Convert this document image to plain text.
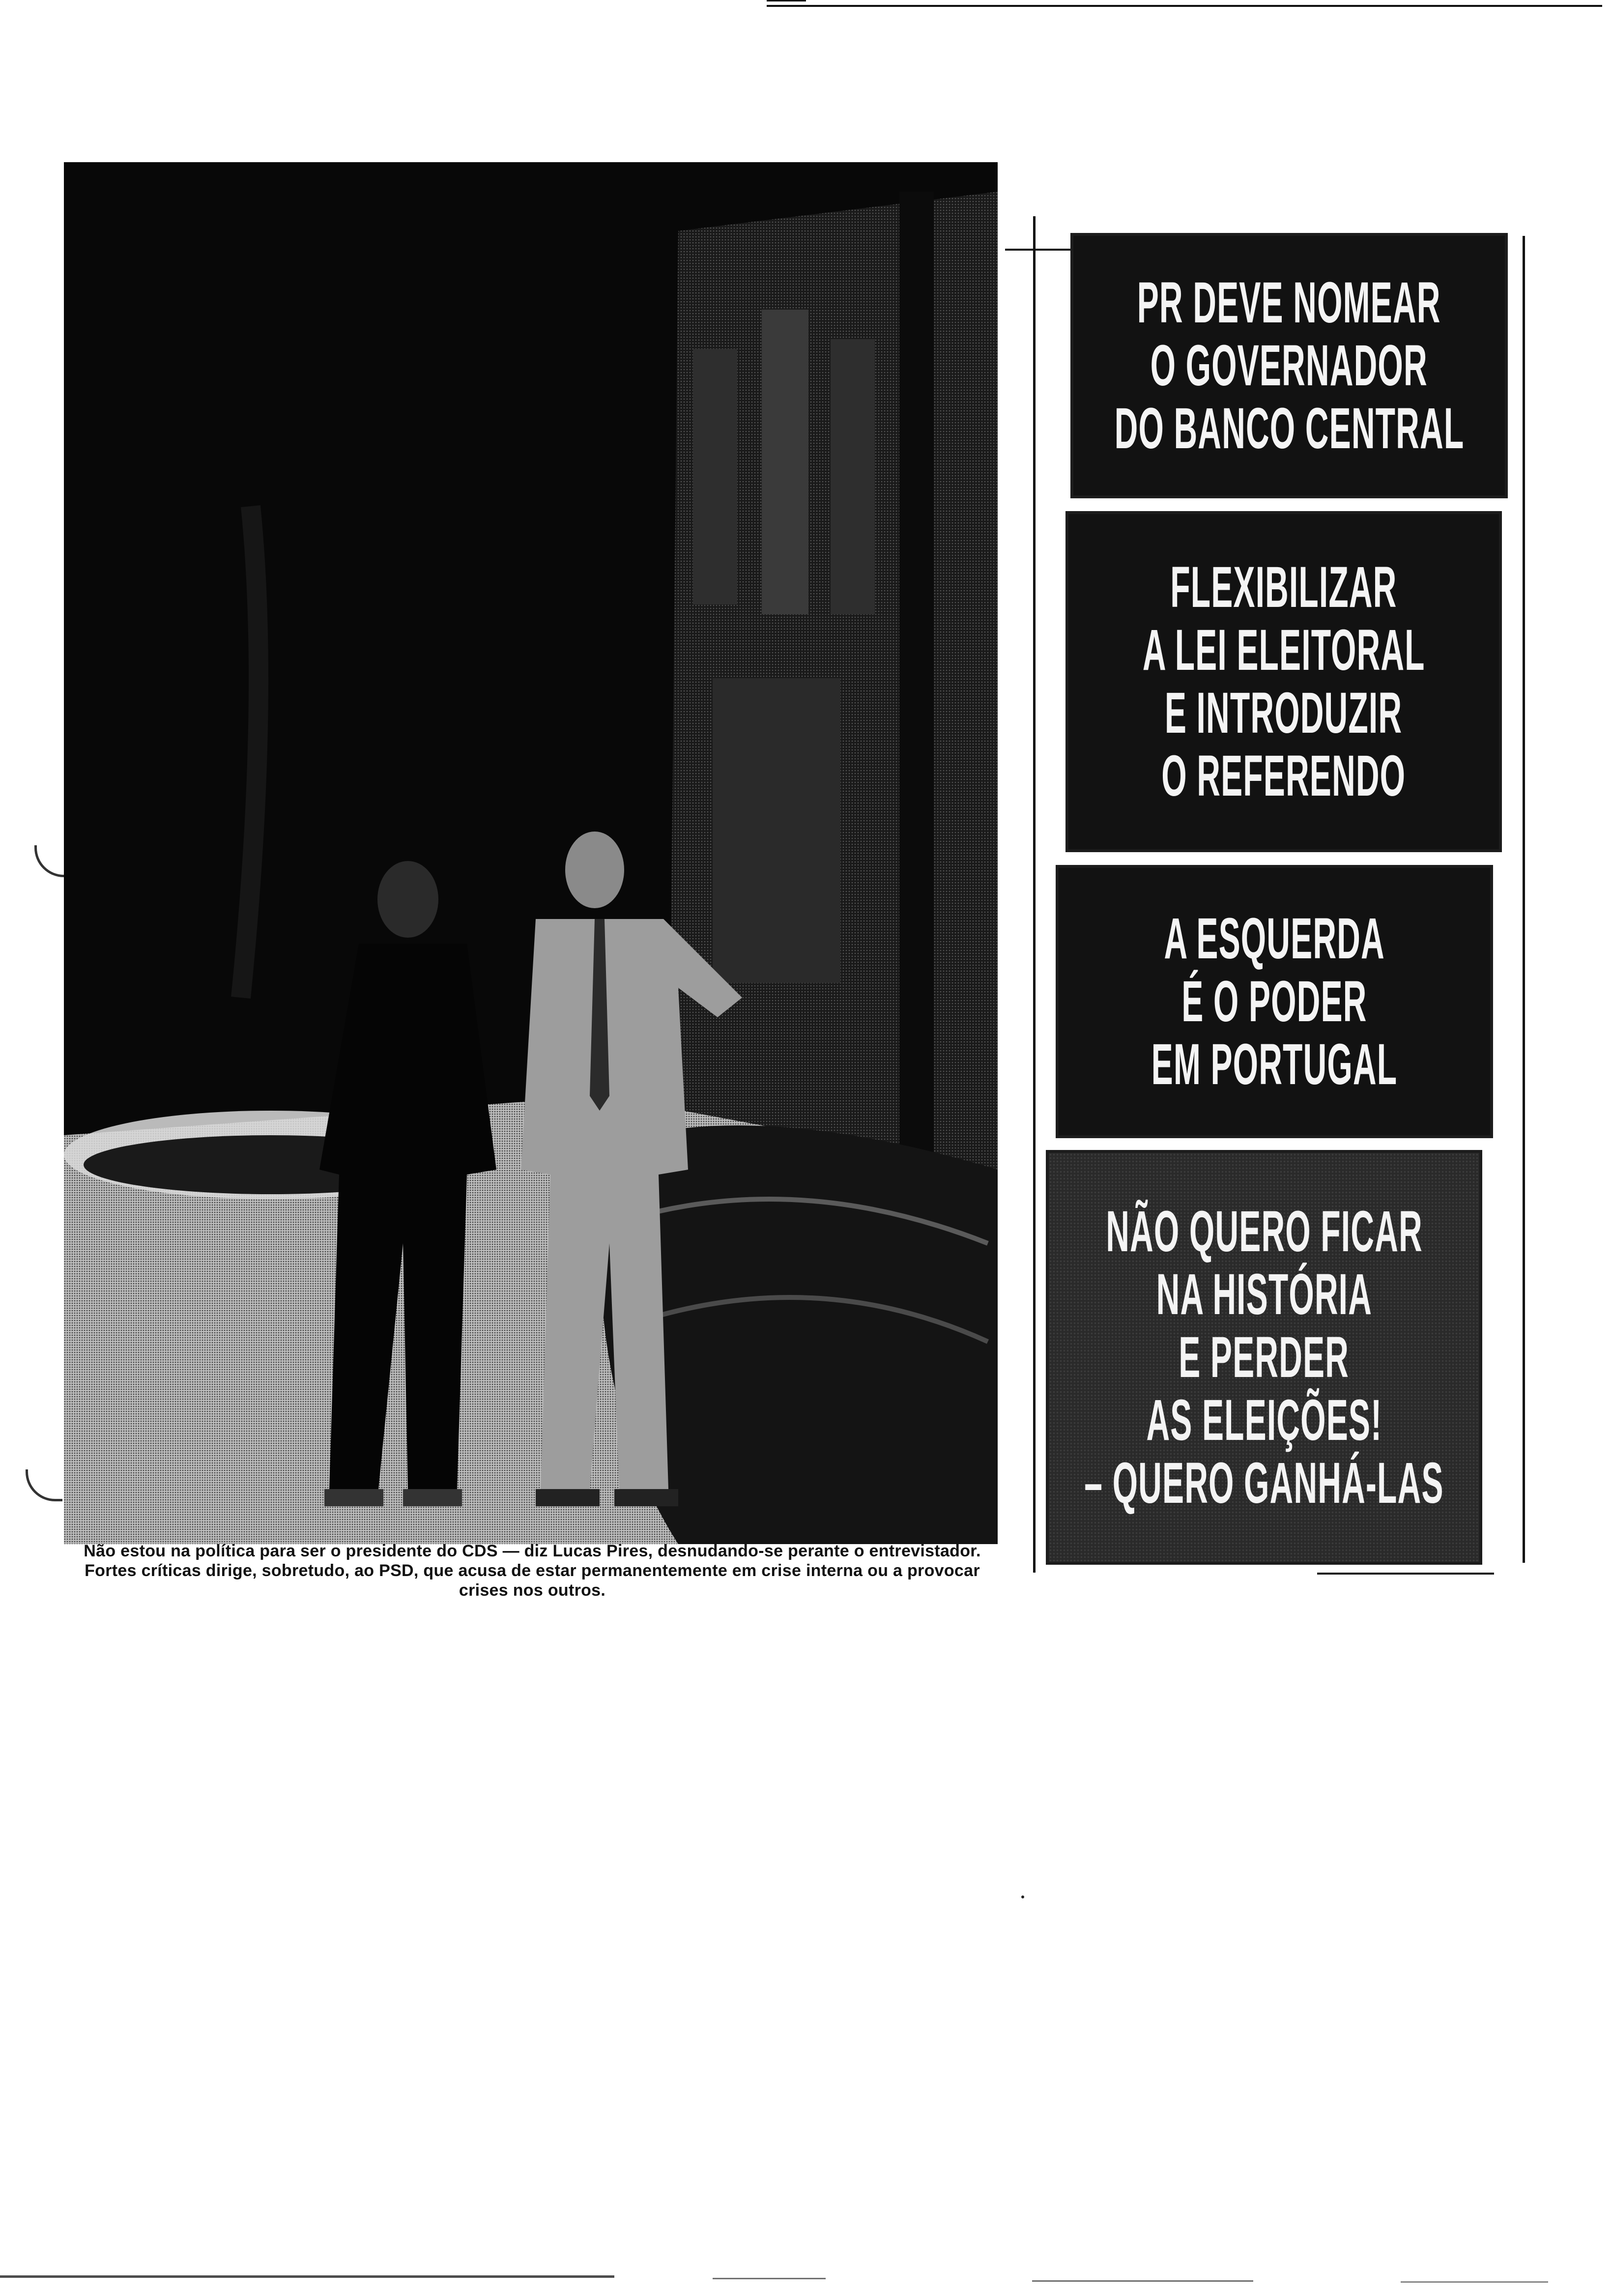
Não estou na política para ser o presidente do CDS — diz Lucas Pires, desnudando-se perante o entrevistador. Fortes críticas dirige, sobretudo, ao PSD, que acusa de estar permanentemente em crise interna ou a provocar crises nos outros.
PR DEVE NOMEAR
O GOVERNADOR
DO BANCO CENTRAL
FLEXIBILIZAR
A LEI ELEITORAL
E INTRODUZIR
O REFERENDO
A ESQUERDA
É O PODER
EM PORTUGAL
NÃO QUERO FICAR
NA HISTÓRIA
E PERDER
AS ELEIÇÕES!
– QUERO GANHÁ-LAS
